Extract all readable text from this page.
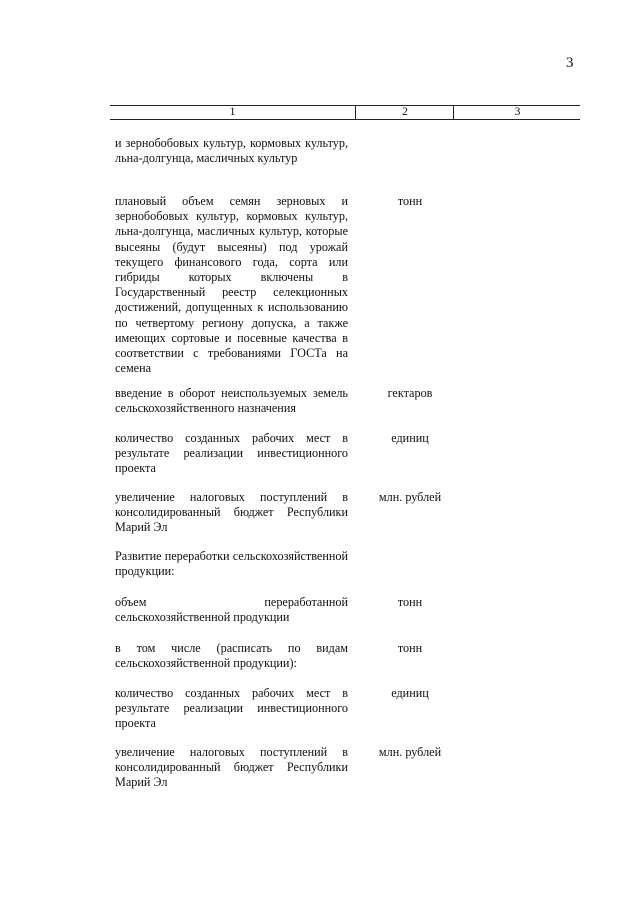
3
1	2	3
и зернобобовых культур, кормовых культур, льна-долгунца, масличных культур
плановый объем семян зерновых и зернобобовых культур, кормовых культур, льна-долгунца, масличных культур, которые высеяны (будут высеяны) под урожай текущего финансового года, сорта или гибриды которых включены в Государственный реестр селекционных достижений, допущенных к использованию по четвертому региону допуска, а также имеющих сортовые и посевные качества в соответствии с требованиями ГОСТа на семена
тонн
введение в оборот неиспользуемых земель сельскохозяйственного назначения
гектаров
количество созданных рабочих мест в результате реализации инвестиционного проекта
единиц
увеличение налоговых поступлений в консолидированный бюджет Республики Марий Эл
млн. рублей
Развитие переработки сельскохозяйственной продукции:
объем переработанной сельскохозяйственной продукции
тонн
в том числе (расписать по видам сельскохозяйственной продукции):
тонн
количество созданных рабочих мест в результате реализации инвестиционного проекта
единиц
увеличение налоговых поступлений в консолидированный бюджет Республики Марий Эл
млн. рублей
